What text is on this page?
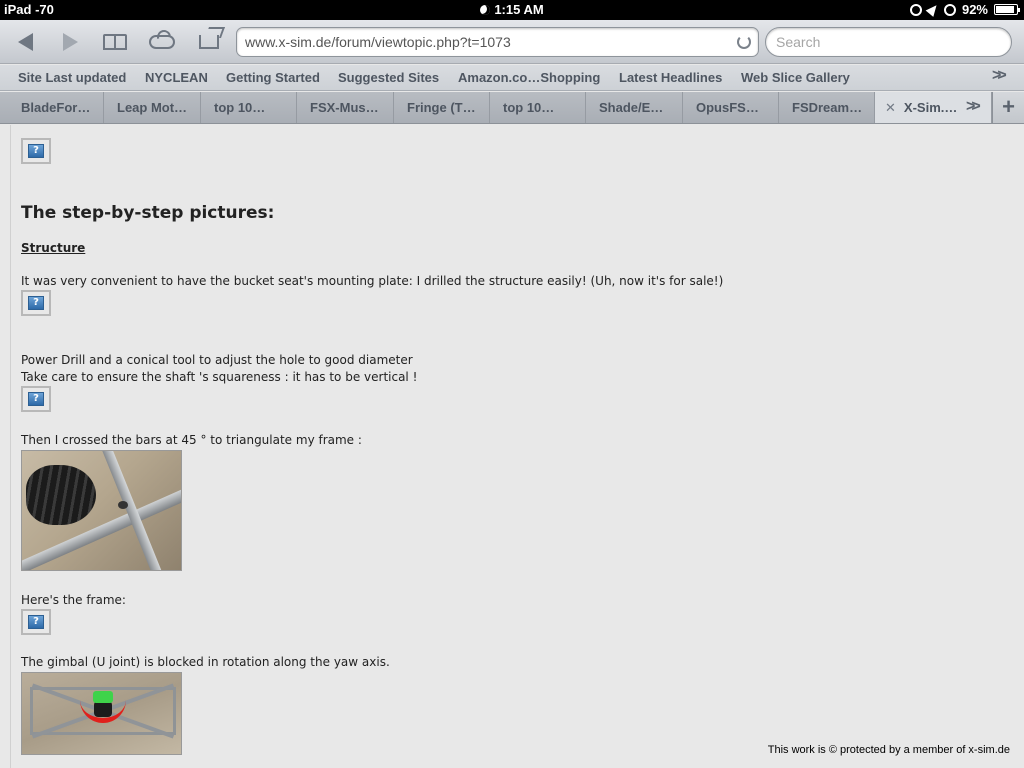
iPad -70	1:15 AM	92%
www.x-sim.de/forum/viewtopic.php?t=1073	Search
Site Last updated NYCLEAN Getting Started Suggested Sites Amazon.co…Shopping Latest Headlines Web Slice Gallery	>>
BladeFor…	Leap Mot…	top 10…	FSX-Mus…	Fringe (T…	top 10…	Shade/E…	OpusFS…	FSDream…	✕ X-Sim.… >>	+
?
The step-by-step pictures:
Structure
It was very convenient to have the bucket seat's mounting plate: I drilled the structure easily! (Uh, now it's for sale!)
?
Power Drill and a conical tool to adjust the hole to good diameter
Take care to ensure the shaft 's squareness : it has to be vertical !
?
Then I crossed the bars at 45 ° to triangulate my frame :
Here's the frame:
?
The gimbal (U joint) is blocked in rotation along the yaw axis.
This work is © protected by a member of x-sim.de
